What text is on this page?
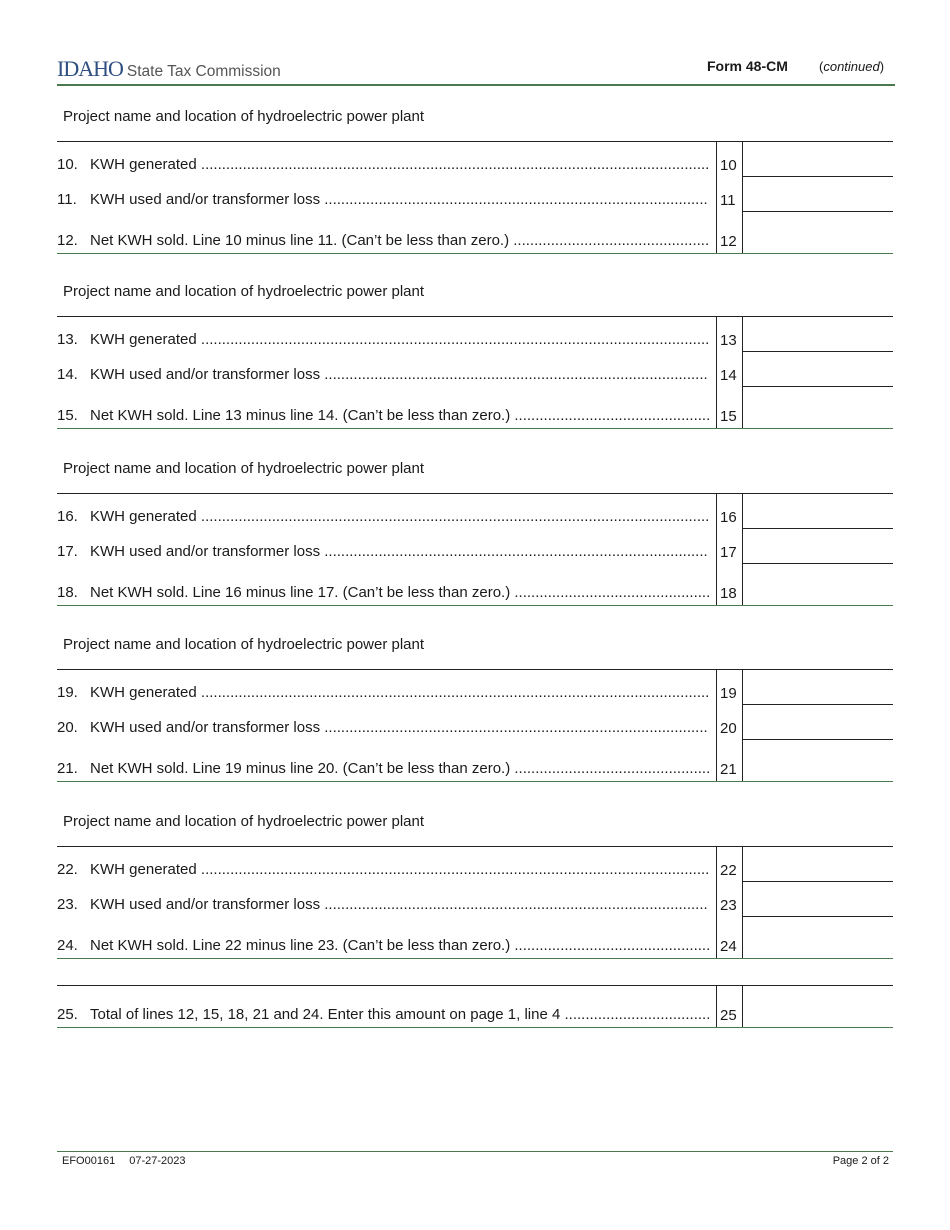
IDAHO State Tax Commission	Form 48-CM (continued)
Project name and location of hydroelectric power plant
10. KWH generated .....	10
11. KWH used and/or transformer loss .....	11
12. Net KWH sold. Line 10 minus line 11. (Can’t be less than zero.) .....	12
Project name and location of hydroelectric power plant
13. KWH generated .....	13
14. KWH used and/or transformer loss .....	14
15. Net KWH sold. Line 13 minus line 14. (Can’t be less than zero.) .....	15
Project name and location of hydroelectric power plant
16. KWH generated .....	16
17. KWH used and/or transformer loss .....	17
18. Net KWH sold. Line 16 minus line 17. (Can’t be less than zero.) .....	18
Project name and location of hydroelectric power plant
19. KWH generated .....	19
20. KWH used and/or transformer loss .....	20
21. Net KWH sold. Line 19 minus line 20. (Can’t be less than zero.) .....	21
Project name and location of hydroelectric power plant
22. KWH generated .....	22
23. KWH used and/or transformer loss .....	23
24. Net KWH sold. Line 22 minus line 23. (Can’t be less than zero.) .....	24
25. Total of lines 12, 15, 18, 21 and 24. Enter this amount on page 1, line 4 .....	25
EFO00161 07-27-2023	Page 2 of 2
